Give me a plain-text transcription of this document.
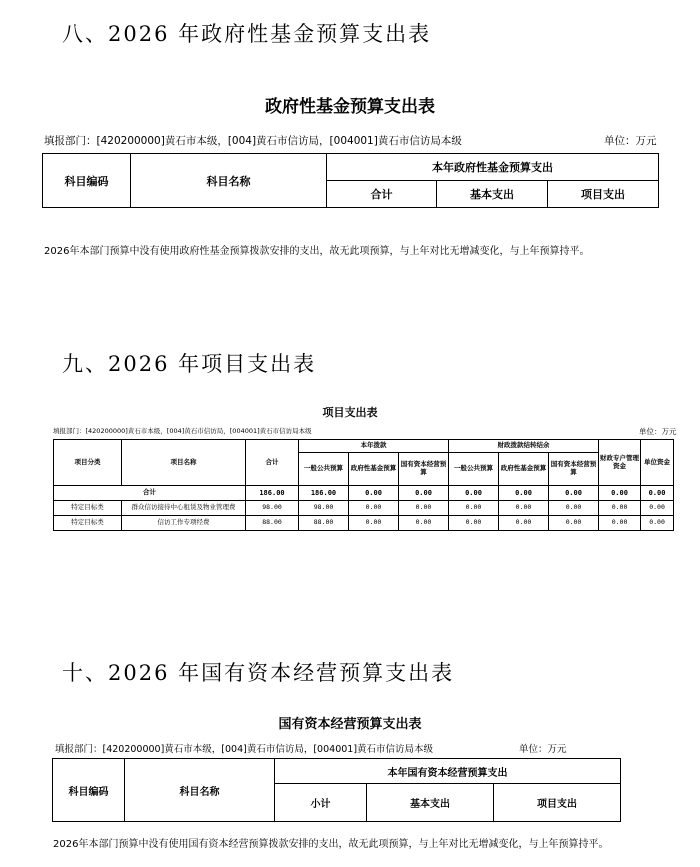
八、2026 年政府性基金预算支出表
政府性基金预算支出表
填报部门：[420200000]黄石市本级，[004]黄石市信访局，[004001]黄石市信访局本级	单位：万元
科目编码	科目名称	本年政府性基金预算支出		
		合计	基本支出	项目支出
2026年本部门预算中没有使用政府性基金预算拨款安排的支出，故无此项预算，与上年对比无增减变化，与上年预算持平。
九、2026 年项目支出表
项目支出表
填报部门：[420200000]黄石市本级，[004]黄石市信访局，[004001]黄石市信访局本级	单位：万元
项目分类	项目名称	合计	本年拨款			财政拨款结转结余			财政专户管理资金	单位资金
			一般公共预算	政府性基金预算	国有资本经营预算	一般公共预算	政府性基金预算	国有资本经营预算		
合计		186.00	186.00	0.00	0.00	0.00	0.00	0.00	0.00	0.00
特定目标类	群众信访接待中心租赁及物业管理费	98.00	98.00	0.00	0.00	0.00	0.00	0.00	0.00	0.00
特定目标类	信访工作专项经费	88.00	88.00	0.00	0.00	0.00	0.00	0.00	0.00	0.00
十、2026 年国有资本经营预算支出表
国有资本经营预算支出表
填报部门：[420200000]黄石市本级，[004]黄石市信访局，[004001]黄石市信访局本级	单位：万元
科目编码	科目名称	本年国有资本经营预算支出		
		小计	基本支出	项目支出
2026年本部门预算中没有使用国有资本经营预算拨款安排的支出，故无此项预算，与上年对比无增减变化，与上年预算持平。
